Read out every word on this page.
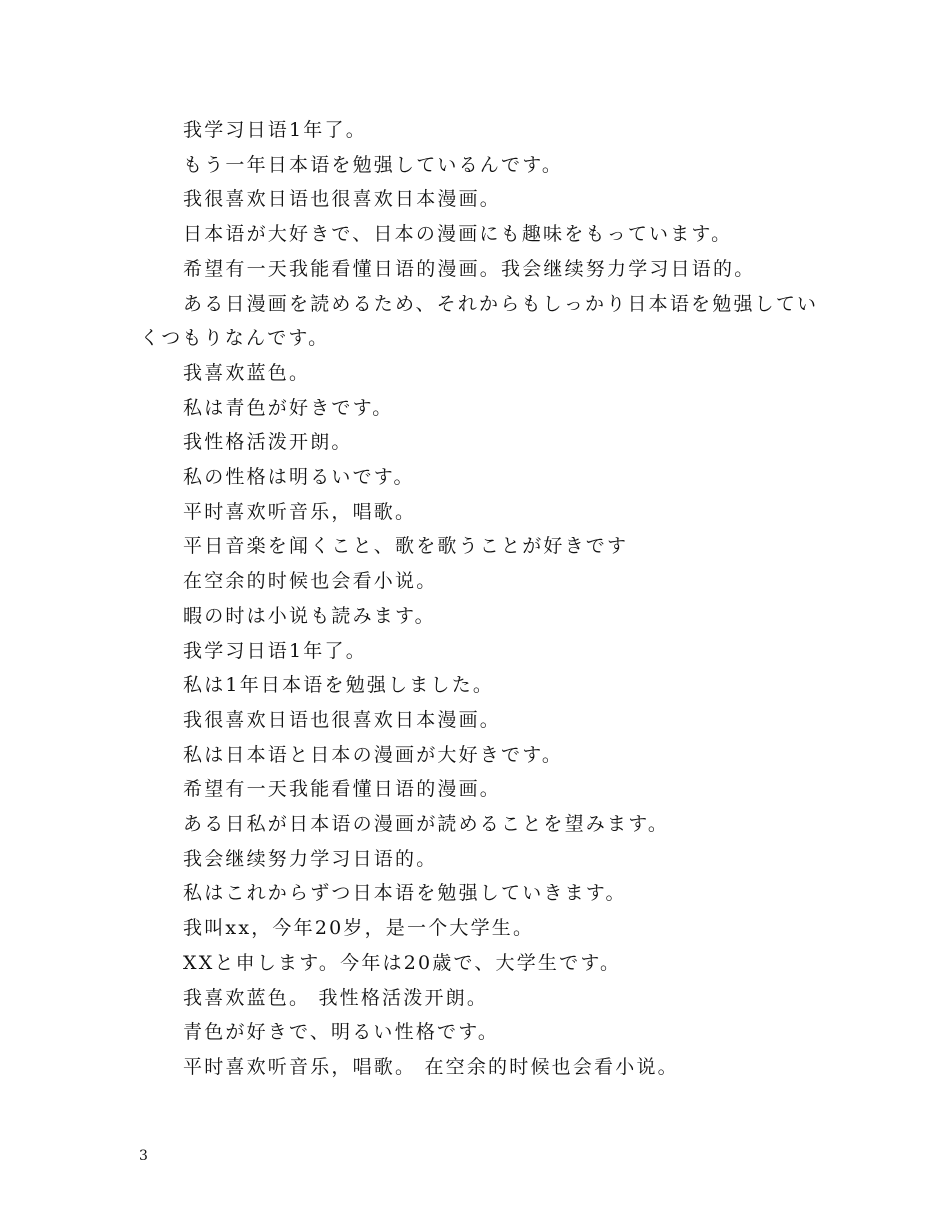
我学习日语1年了。

もう一年日本语を勉强しているんです。

我很喜欢日语也很喜欢日本漫画。

日本语が大好きで、日本の漫画にも趣味をもっています。

希望有一天我能看懂日语的漫画。我会继续努力学习日语的。

ある日漫画を読めるため、それからもしっかり日本语を勉强していくつもりなんです。

我喜欢蓝色。

私は青色が好きです。

我性格活泼开朗。

私の性格は明るいです。

平时喜欢听音乐，唱歌。

平日音楽を闻くこと、歌を歌うことが好きです

在空余的时候也会看小说。

暇の时は小说も読みます。

我学习日语1年了。

私は1年日本语を勉强しました。

我很喜欢日语也很喜欢日本漫画。

私は日本语と日本の漫画が大好きです。

希望有一天我能看懂日语的漫画。

ある日私が日本语の漫画が読めることを望みます。

我会继续努力学习日语的。

私はこれからずつ日本语を勉强していきます。

我叫xx，今年20岁，是一个大学生。

XXと申します。今年は20歳で、大学生です。

我喜欢蓝色。 我性格活泼开朗。

青色が好きで、明るい性格です。

平时喜欢听音乐，唱歌。 在空余的时候也会看小说。

3
